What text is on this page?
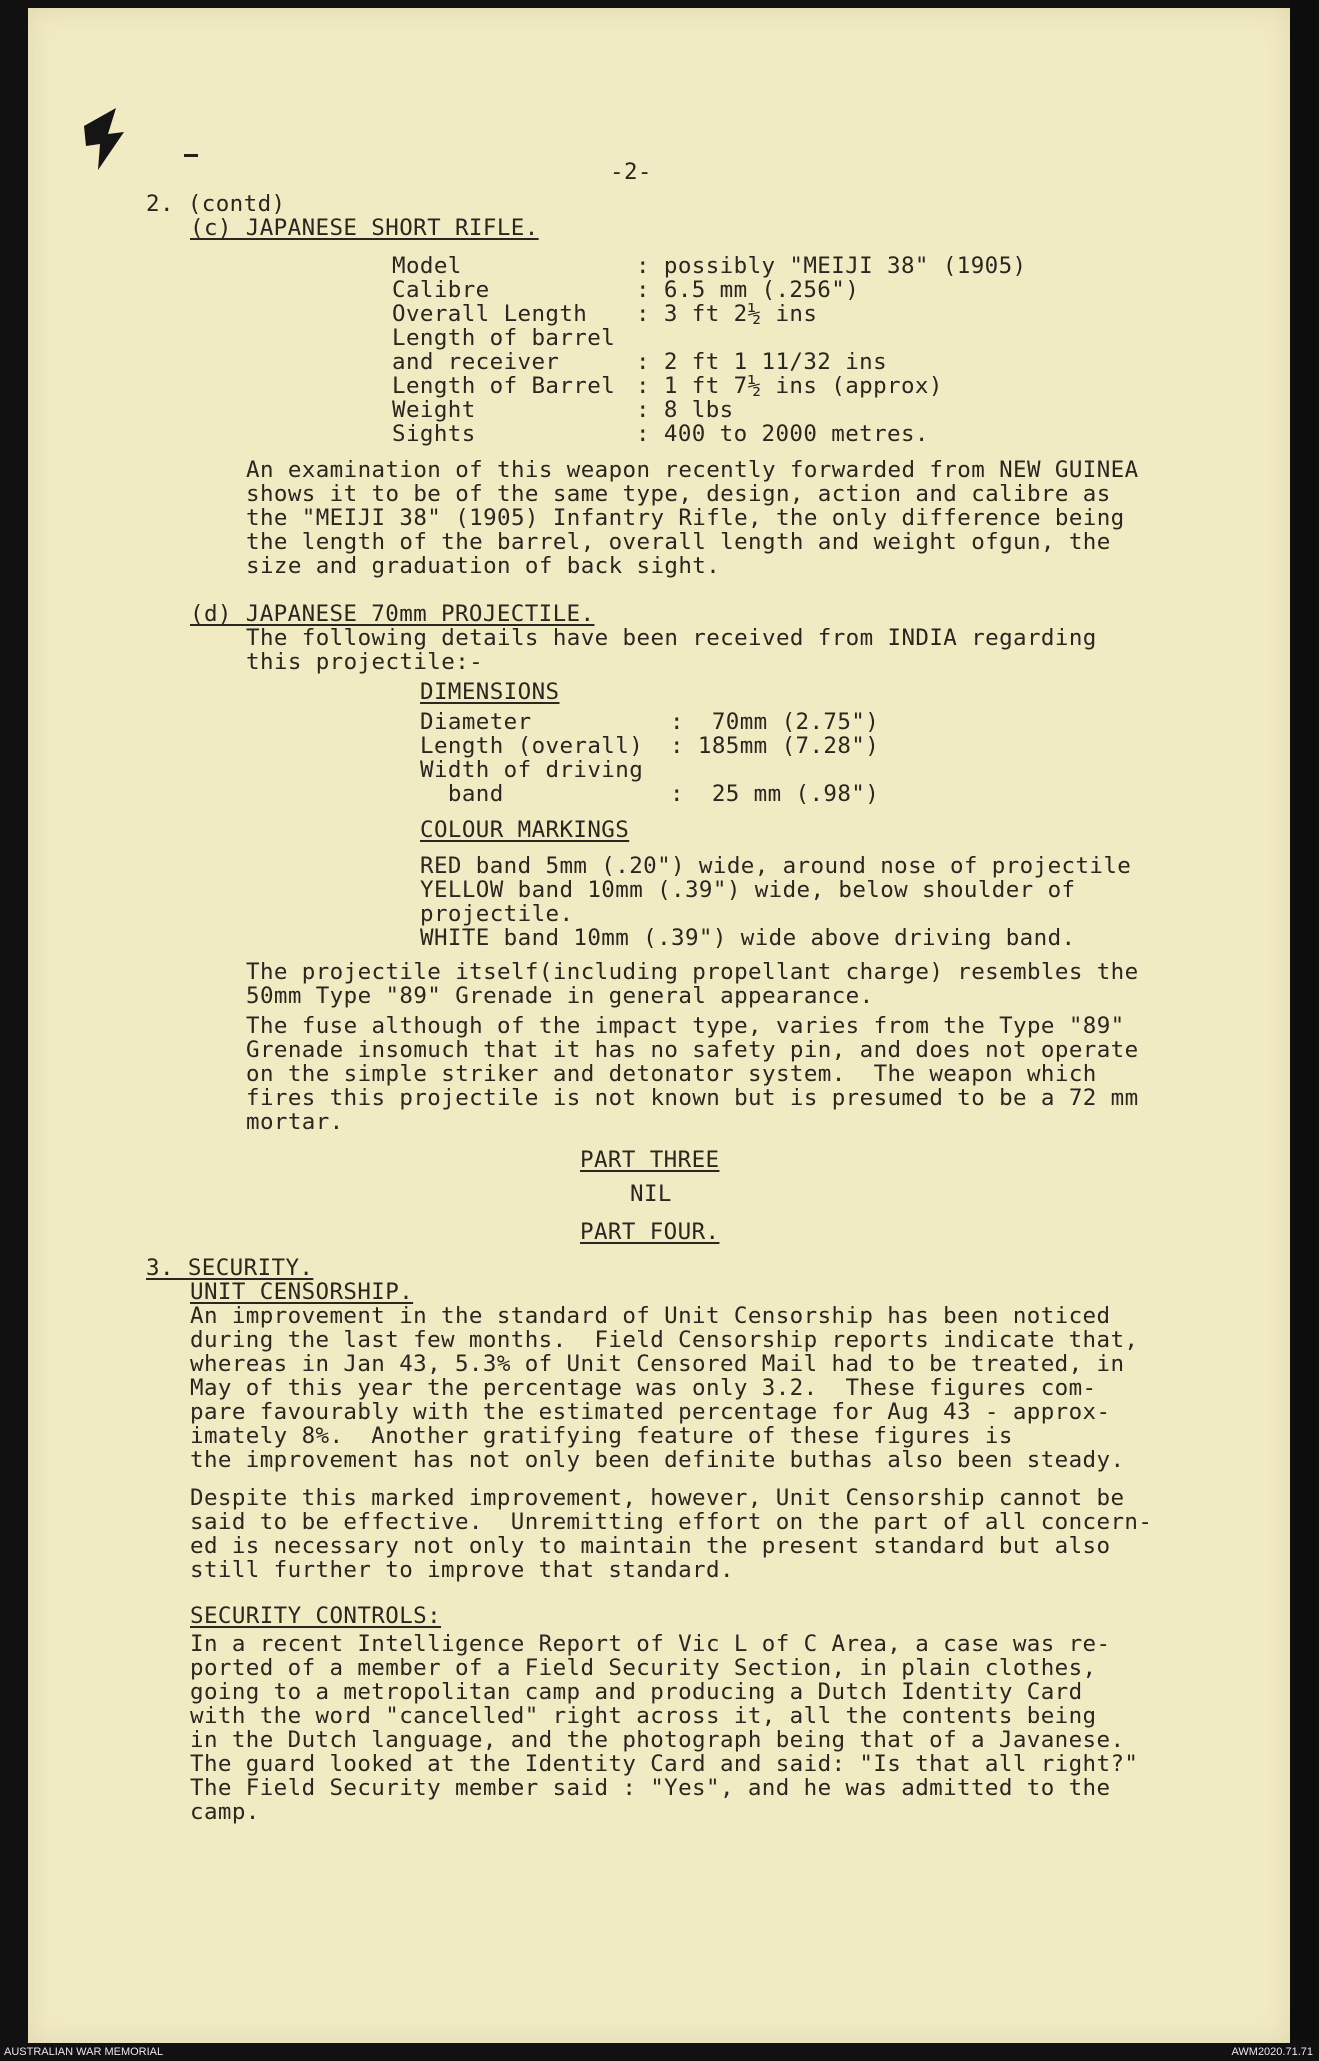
-2-
2. (contd)
(c) JAPANESE SHORT RIFLE.
Model	: possibly "MEIJI 38" (1905)
Calibre	: 6.5 mm (.256")
Overall Length : 3 ft 2½ ins
Length of barrel
and receiver	: 2 ft 1 11/32 ins
Length of Barrel : 1 ft 7½ ins (approx)
Weight	: 8 lbs
Sights	: 400 to 2000 metres.
An examination of this weapon recently forwarded from NEW GUINEA
shows it to be of the same type, design, action and calibre as
the "MEIJI 38" (1905) Infantry Rifle, the only difference being
the length of the barrel, overall length and weight ofgun, the
size and graduation of back sight.
(d) JAPANESE 70mm PROJECTILE.
The following details have been received from INDIA regarding
this projectile:-
DIMENSIONS
Diameter	:  70mm (2.75")
Length (overall) : 185mm (7.28")
Width of driving
band	:  25 mm (.98")
COLOUR MARKINGS
RED band 5mm (.20") wide, around nose of projectile
YELLOW band 10mm (.39") wide, below shoulder of
projectile.
WHITE band 10mm (.39") wide above driving band.
The projectile itself(including propellant charge) resembles the
50mm Type "89" Grenade in general appearance.
The fuse although of the impact type, varies from the Type "89"
Grenade insomuch that it has no safety pin, and does not operate
on the simple striker and detonator system.  The weapon which
fires this projectile is not known but is presumed to be a 72 mm
mortar.
PART THREE
NIL
PART FOUR.
3. SECURITY.
UNIT CENSORSHIP.
An improvement in the standard of Unit Censorship has been noticed
during the last few months.  Field Censorship reports indicate that,
whereas in Jan 43, 5.3% of Unit Censored Mail had to be treated, in
May of this year the percentage was only 3.2.  These figures com-
pare favourably with the estimated percentage for Aug 43 - approx-
imately 8%.  Another gratifying feature of these figures is
the improvement has not only been definite buthas also been steady.
Despite this marked improvement, however, Unit Censorship cannot be
said to be effective.  Unremitting effort on the part of all concern-
ed is necessary not only to maintain the present standard but also
still further to improve that standard.
SECURITY CONTROLS:
In a recent Intelligence Report of Vic L of C Area, a case was re-
ported of a member of a Field Security Section, in plain clothes,
going to a metropolitan camp and producing a Dutch Identity Card
with the word "cancelled" right across it, all the contents being
in the Dutch language, and the photograph being that of a Javanese.
The guard looked at the Identity Card and said: "Is that all right?"
The Field Security member said : "Yes", and he was admitted to the
camp.
AUSTRALIAN WAR MEMORIAL	AWM2020.71.71
